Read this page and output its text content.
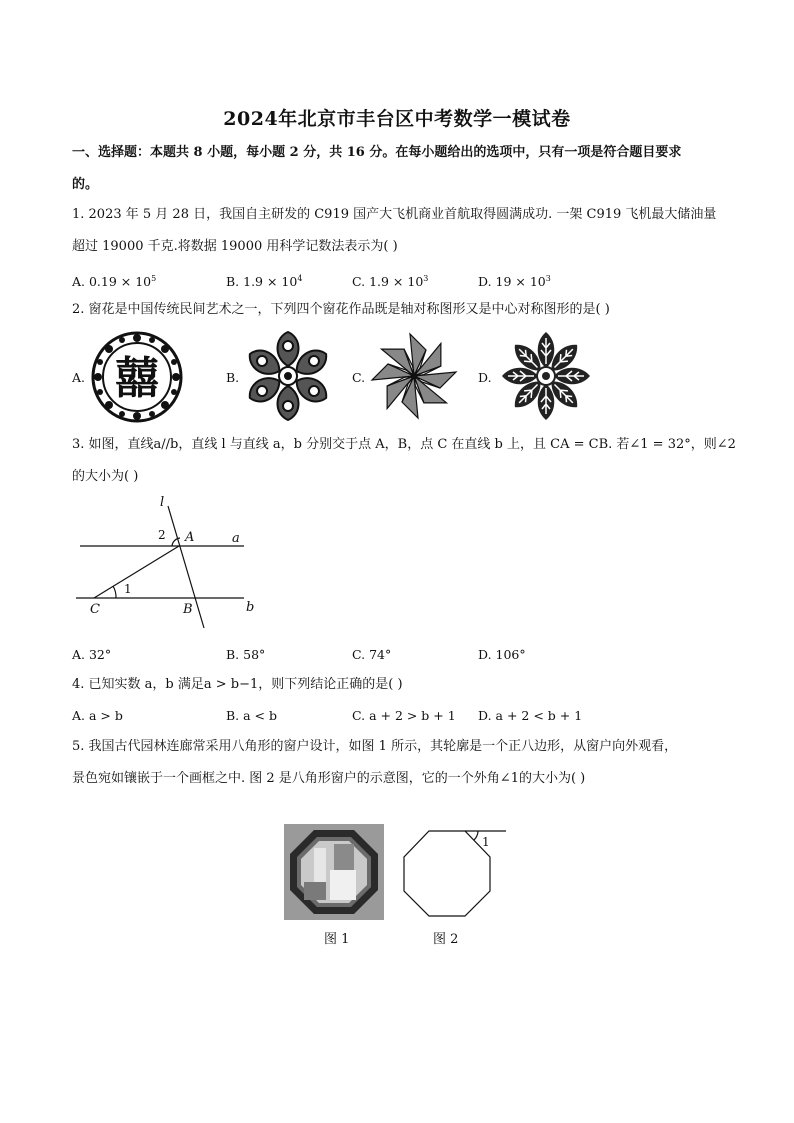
2024年北京市丰台区中考数学一模试卷
一、选择题：本题共 8 小题，每小题 2 分，共 16 分。在每小题给出的选项中，只有一项是符合题目要求
的。
1. 2023 年 5 月 28 日，我国自主研发的 C919 国产大飞机商业首航取得圆满成功. 一架 C919 飞机最大储油量
超过 19000 千克.将数据 19000 用科学记数法表示为( )
A. $0.19 \times 10^5$	B. $1.9 \times 10^4$	C. $1.9 \times 10^3$	D. $19 \times 10^3$
2. 窗花是中国传统民间艺术之一，下列四个窗花作品既是轴对称图形又是中心对称图形的是( )
A. 囍	B.	C.	D.
3. 如图，直线a//b，直线 l 与直线 a，b 分别交于点 A，B，点 C 在直线 b 上，且 CA = CB. 若∠1 = 32°，则∠2
的大小为( )
l
a
b
A
B
C
1
2
A. 32°	B. 58°	C. 74°	D. 106°
4. 已知实数 a，b 满足a > b−1，则下列结论正确的是( )
A. a > b	B. a < b	C. a + 2 > b + 1 D. a + 2 < b + 1
5. 我国古代园林连廊常采用八角形的窗户设计，如图 1 所示，其轮廓是一个正八边形，从窗户向外观看，
景色宛如镶嵌于一个画框之中. 图 2 是八角形窗户的示意图，它的一个外角∠1的大小为( )
图 1
1
图 2
